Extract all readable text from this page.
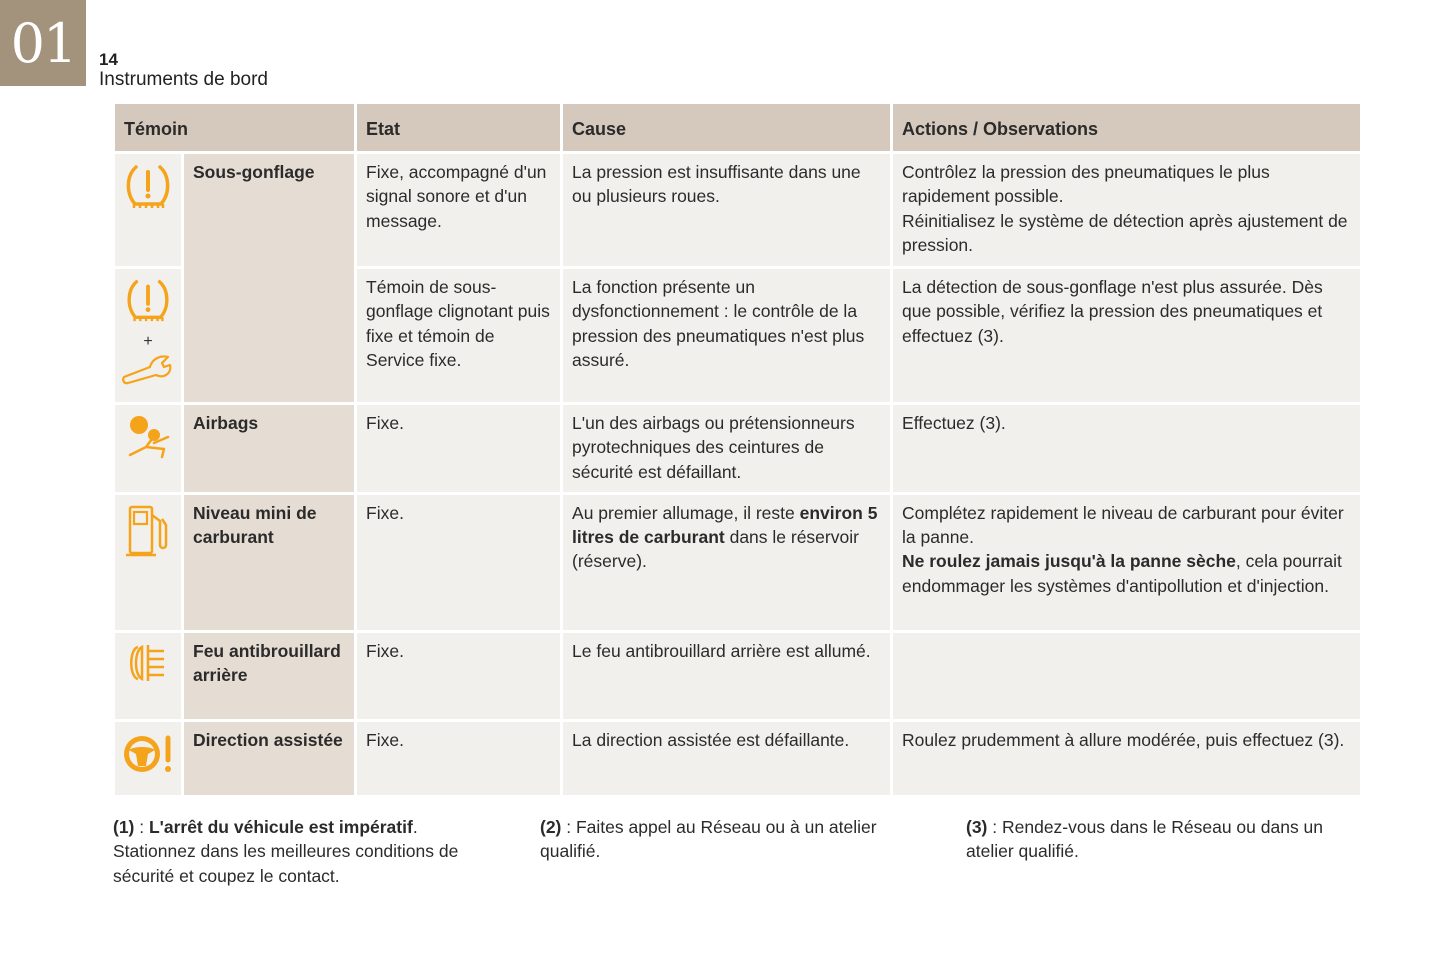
01 14
Instruments de bord
Témoin		Etat	Cause	Actions / Observations
	Sous-gonflage	Fixe, accompagné d'un signal sonore et d'un message.	La pression est insuffisante dans une ou plusieurs roues.	Contrôlez la pression des pneumatiques le plus rapidement possible.
Réinitialisez le système de détection après ajustement de pression.

+		Témoin de sous-gonflage clignotant puis fixe et témoin de Service fixe.	La fonction présente un dysfonctionnement : le contrôle de la pression des pneumatiques n'est plus assuré.	La détection de sous-gonflage n'est plus assurée. Dès que possible, vérifiez la pression des pneumatiques et effectuez (3).
	Airbags	Fixe.	L'un des airbags ou prétensionneurs pyrotechniques des ceintures de sécurité est défaillant.	Effectuez (3).
	Niveau mini de carburant	Fixe.	Au premier allumage, il reste environ 5 litres de carburant dans le réservoir (réserve).	Complétez rapidement le niveau de carburant pour éviter la panne.
Ne roulez jamais jusqu'à la panne sèche, cela pourrait endommager les systèmes d'antipollution et d'injection.

	Feu antibrouillard arrière	Fixe.	Le feu antibrouillard arrière est allumé.	
	Direction assistée	Fixe.	La direction assistée est défaillante.	Roulez prudemment à allure modérée, puis effectuez (3).
(1) : L'arrêt du véhicule est impératif.
Stationnez dans les meilleures conditions de sécurité et coupez le contact.
(2) : Faites appel au Réseau ou à un atelier qualifié.
(3) : Rendez-vous dans le Réseau ou dans un atelier qualifié.
